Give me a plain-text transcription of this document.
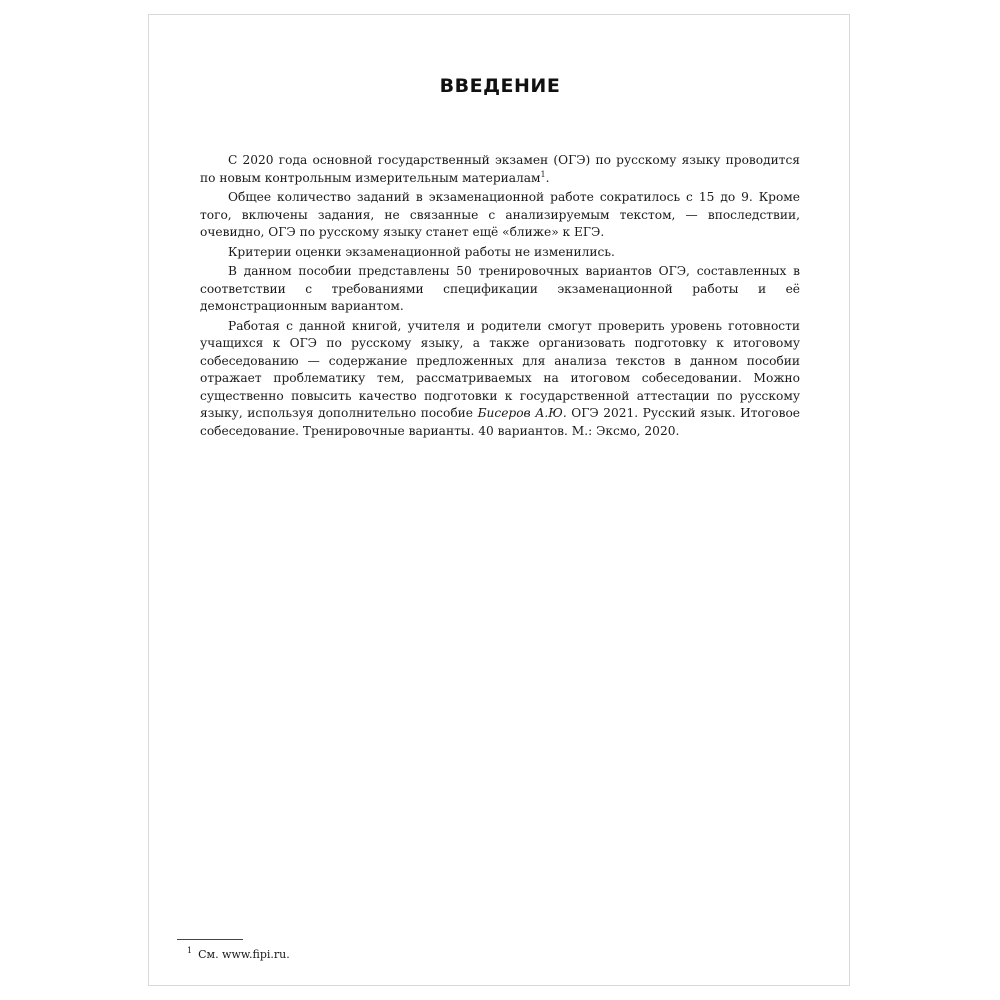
ВВЕДЕНИЕ

С 2020 года основной государственный экзамен (ОГЭ) по русскому языку проводится по новым контрольным измерительным материалам$^1$.

Общее количество заданий в экзаменационной работе сократилось с 15 до 9. Кроме того, включены задания, не связанные с анализируемым текстом, — впоследствии, очевидно, ОГЭ по русскому языку станет ещё «ближе» к ЕГЭ.

Критерии оценки экзаменационной работы не изменились.

В данном пособии представлены 50 тренировочных вариантов ОГЭ, составленных в соответствии с требованиями спецификации экзаменационной работы и её демонстрационным вариантом.

Работая с данной книгой, учителя и родители смогут проверить уровень готовности учащихся к ОГЭ по русскому языку, а также организовать подготовку к итоговому собеседованию — содержание предложенных для анализа текстов в данном пособии отражает проблематику тем, рассматриваемых на итоговом собеседовании. Можно существенно повысить качество подготовки к государственной аттестации по русскому языку, используя дополнительно пособие Бисеров А.Ю. ОГЭ 2021. Русский язык. Итоговое собеседование. Тренировочные варианты. 40 вариантов. М.: Эксмо, 2020.

$^1$ См. www.fipi.ru.
